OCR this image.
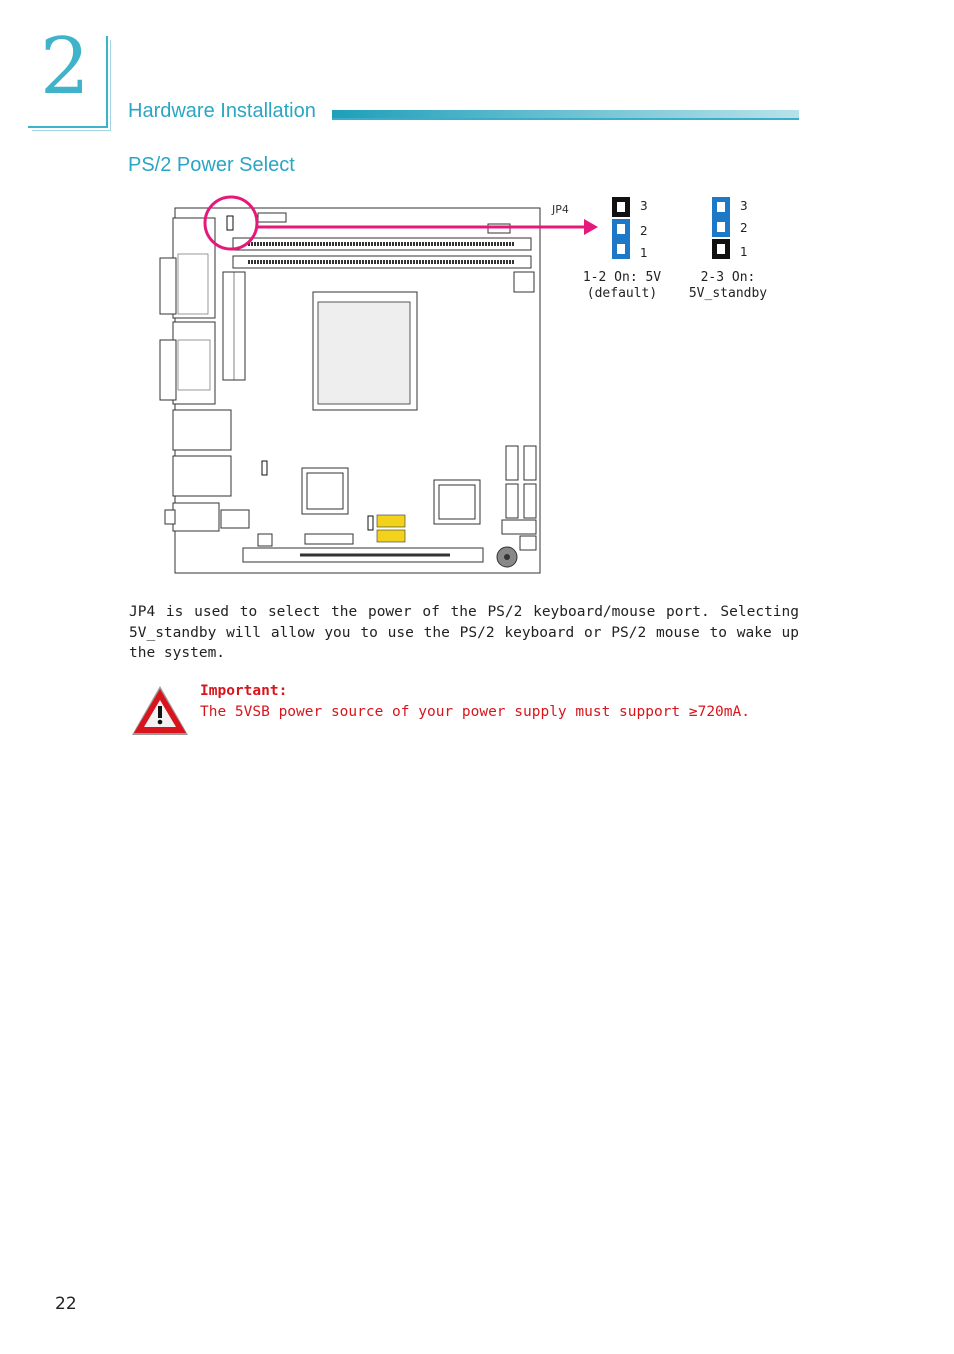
2 Hardware Installation
PS/2 Power Select
JP4	3
2
1
1-2 On: 5V
(default)
3
2
1
2-3 On:
5V_standby
JP4 is used to select the power of the PS/2 keyboard/mouse port. Selecting 5V_standby will allow you to use the PS/2 keyboard or PS/2 mouse to wake up the system.
Important:
The 5VSB power source of your power supply must support ≥720mA.
22
